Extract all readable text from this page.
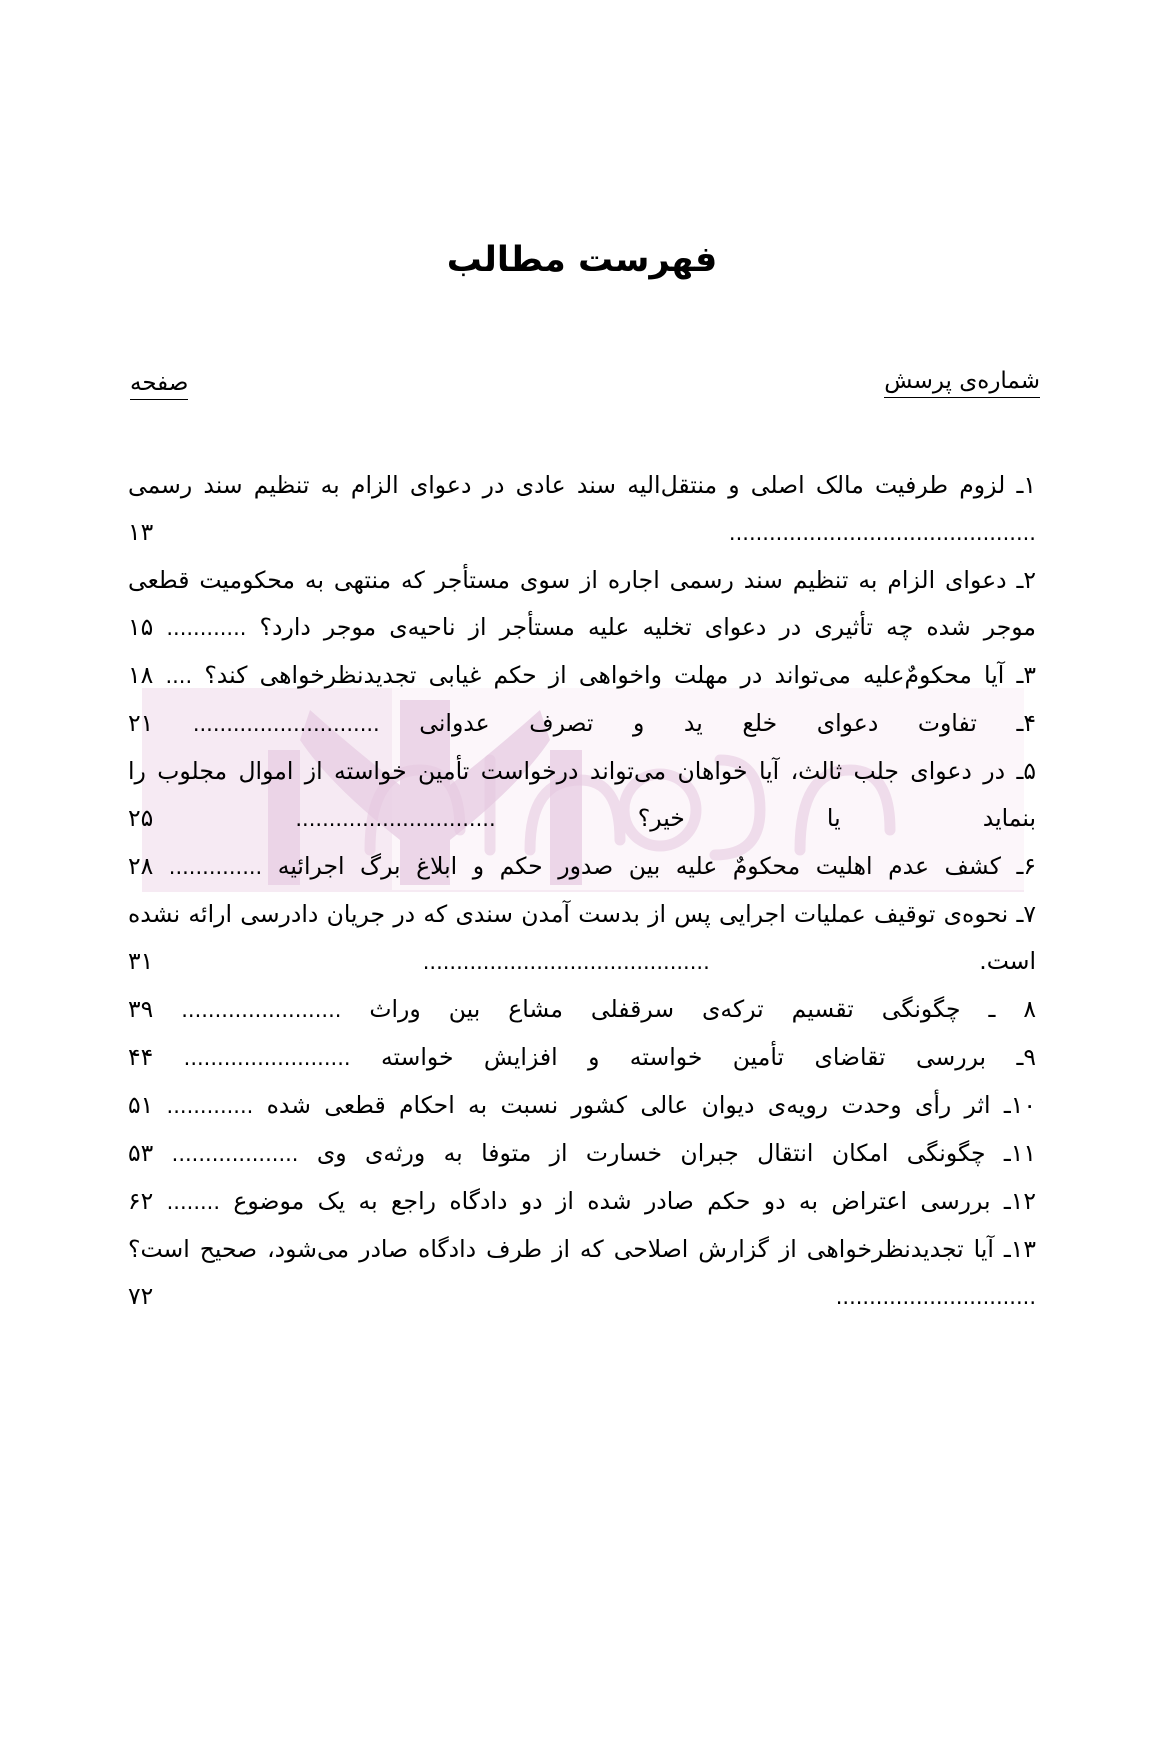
فهرست مطالب
شماره‌ی پرسش
صفحه
۱ـ لزوم طرفیت مالک اصلی و منتقل‌الیه سند عادی در دعوای الزام به تنظیم سند رسمی .............................................. ۱۳
۲ـ دعوای الزام به تنظیم سند رسمی اجاره از سوی مستأجر که منتهی به محکومیت قطعی موجر شده چه تأثیری در دعوای تخلیه علیه مستأجر از ناحیه‌ی موجر دارد؟ ............ ۱۵
۳ـ آیا محکومٌ‌علیه می‌تواند در مهلت واخواهی از حکم غیابی تجدیدنظرخواهی کند؟ .... ۱۸
۴ـ تفاوت دعوای خلع ید و تصرف عدوانی ............................ ۲۱
۵ـ در دعوای جلب ثالث، آیا خواهان می‌تواند درخواست تأمین خواسته از اموال مجلوب را بنماید یا خیر؟ .............................. ۲۵
۶ـ کشف عدم اهلیت محکومٌ علیه بین صدور حکم و ابلاغ برگ اجرائیه .............. ۲۸
۷ـ نحوه‌ی توقیف عملیات اجرایی پس از بدست آمدن سندی که در جریان دادرسی ارائه نشده است. ........................................... ۳۱
۸ ـ چگونگی تقسیم ترکه‌ی سرقفلی مشاع بین وراث ........................ ۳۹
۹ـ بررسی تقاضای تأمین خواسته و افزایش خواسته ......................... ۴۴
۱۰ـ اثر رأی وحدت رویه‌ی دیوان عالی کشور نسبت به احکام قطعی شده ............. ۵۱
۱۱ـ چگونگی امکان انتقال جبران خسارت از متوفا به ورثه‌ی وی ................... ۵۳
۱۲ـ بررسی اعتراض به دو حکم صادر شده از دو دادگاه راجع به یک موضوع ........ ۶۲
۱۳ـ آیا تجدیدنظرخواهی از گزارش اصلاحی که از طرف دادگاه صادر می‌شود، صحیح است؟ .............................. ۷۲
